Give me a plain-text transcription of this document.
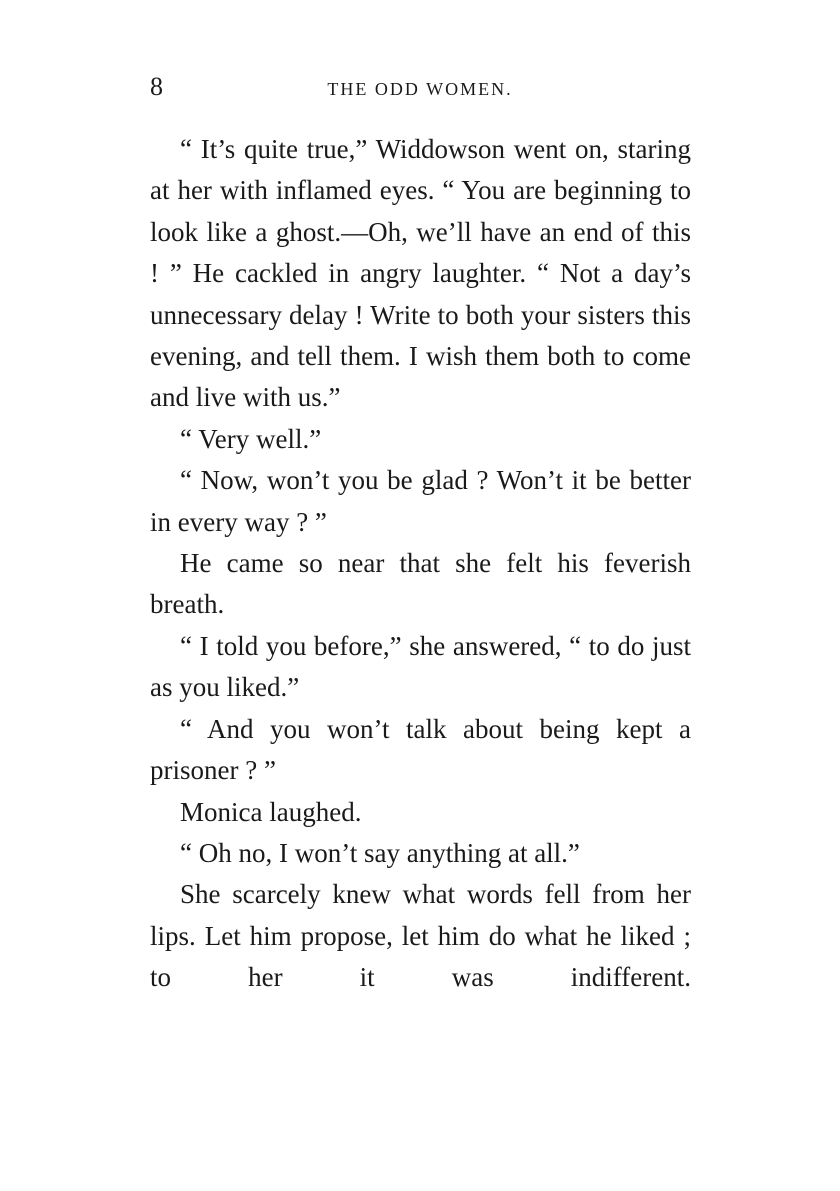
8	THE ODD WOMEN.

“ It’s quite true,” Widdowson went on, staring at her with inflamed eyes. “ You are beginning to look like a ghost.—Oh, we’ll have an end of this ! ” He cackled in angry laughter. “ Not a day’s unnecessary delay ! Write to both your sisters this evening, and tell them. I wish them both to come and live with us.”

“ Very well.”

“ Now, won’t you be glad ? Won’t it be better in every way ? ”

He came so near that she felt his feverish breath.

“ I told you before,” she answered, “ to do just as you liked.”

“ And you won’t talk about being kept a prisoner ? ”

Monica laughed.

“ Oh no, I won’t say anything at all.”

She scarcely knew what words fell from her lips. Let him propose, let him do what he liked ; to her it was indifferent.
